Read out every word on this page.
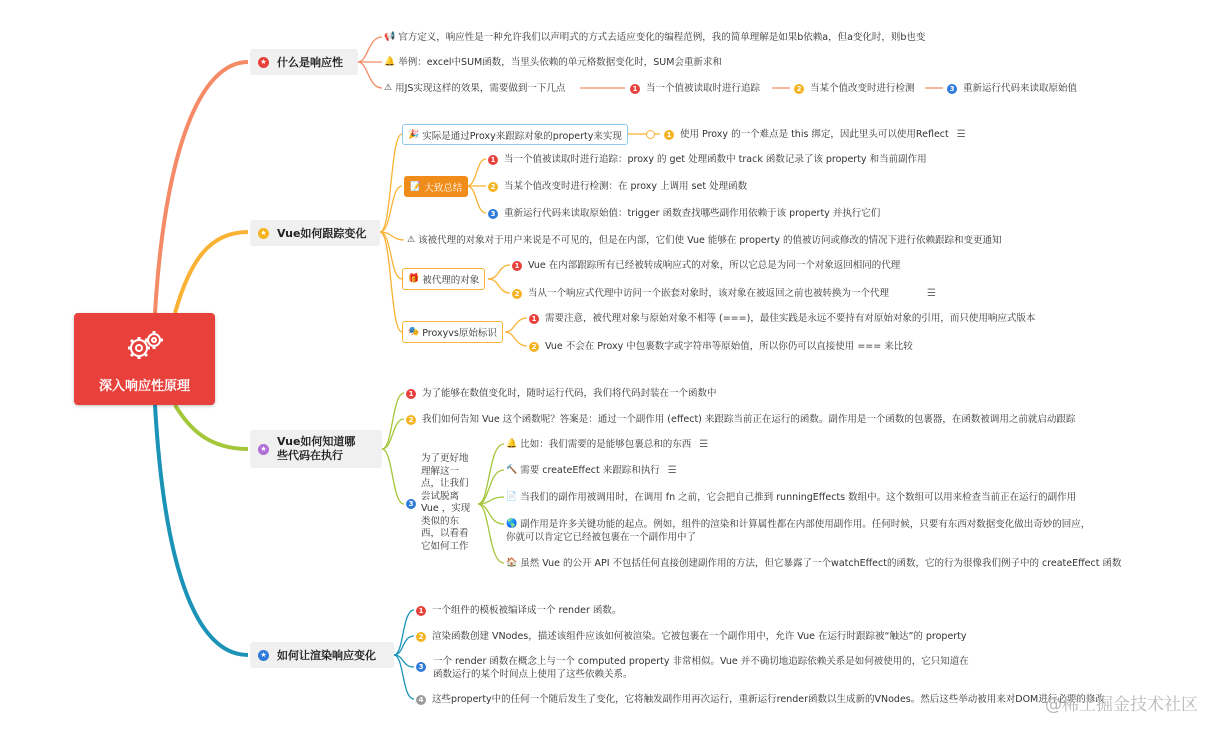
深入响应性原理
★ 什么是响应性
📢 官方定义，响应性是一种允许我们以声明式的方式去适应变化的编程范例，我的简单理解是如果b依赖a，但a变化时，则b也变
🔔 举例：excel中SUM函数，当里头依赖的单元格数据变化时，SUM会重新求和
⚠ 用JS实现这样的效果，需要做到一下几点	1 当一个值被读取时进行追踪	2 当某个值改变时进行检测	3 重新运行代码来读取原始值
★ Vue如何跟踪变化
🎉 实际是通过Proxy来跟踪对象的property来实现	1 使用 Proxy 的一个难点是 this 绑定，因此里头可以使用Reflect ☰
📝 大致总结
1 当一个值被读取时进行追踪：proxy 的 get 处理函数中 track 函数记录了该 property 和当前副作用
2 当某个值改变时进行检测：在 proxy 上调用 set 处理函数
3 重新运行代码来读取原始值：trigger 函数查找哪些副作用依赖于该 property 并执行它们
⚠ 该被代理的对象对于用户来说是不可见的，但是在内部，它们使 Vue 能够在 property 的值被访问或修改的情况下进行依赖跟踪和变更通知
🎁 被代理的对象
1 Vue 在内部跟踪所有已经被转成响应式的对象，所以它总是为同一个对象返回相同的代理
2 当从一个响应式代理中访问一个嵌套对象时，该对象在被返回之前也被转换为一个代理	☰
🎭 Proxyvs原始标识
1 需要注意，被代理对象与原始对象不相等 (===)，最佳实践是永远不要持有对原始对象的引用，而只使用响应式版本
2 Vue 不会在 Proxy 中包裹数字或字符串等原始值，所以你仍可以直接使用 === 来比较
★
Vue如何知道哪些代码在执行
1 为了能够在数值变化时，随时运行代码，我们将代码封装在一个函数中
2 我们如何告知 Vue 这个函数呢？答案是：通过一个副作用 (effect) 来跟踪当前正在运行的函数。副作用是一个函数的包裹器，在函数被调用之前就启动跟踪
3
为了更好地理解这一点，让我们尝试脱离 Vue ，实现类似的东西，以看看它如何工作
🔔 比如：我们需要的是能够包裹总和的东西 ☰
🔨 需要 createEffect 来跟踪和执行 ☰
📄 当我们的副作用被调用时，在调用 fn 之前，它会把自己推到 runningEffects 数组中。这个数组可以用来检查当前正在运行的副作用
🌎 副作用是许多关键功能的起点。例如，组件的渲染和计算属性都在内部使用副作用。任何时候，只要有东西对数据变化做出奇妙的回应，你就可以肯定它已经被包裹在一个副作用中了
🏠 虽然 Vue 的公开 API 不包括任何直接创建副作用的方法，但它暴露了一个watchEffect的函数，它的行为很像我们例子中的 createEffect 函数
★ 如何让渲染响应变化
1 一个组件的模板被编译成一个 render 函数。
2 渲染函数创建 VNodes，描述该组件应该如何被渲染。它被包裹在一个副作用中，允许 Vue 在运行时跟踪被“触达”的 property
3 一个 render 函数在概念上与一个 computed property 非常相似。Vue 并不确切地追踪依赖关系是如何被使用的，它只知道在函数运行的某个时间点上使用了这些依赖关系。
4 这些property中的任何一个随后发生了变化，它将触发副作用再次运行，重新运行render函数以生成新的VNodes。然后这些举动被用来对DOM进行必要的修改
@稀土掘金技术社区
